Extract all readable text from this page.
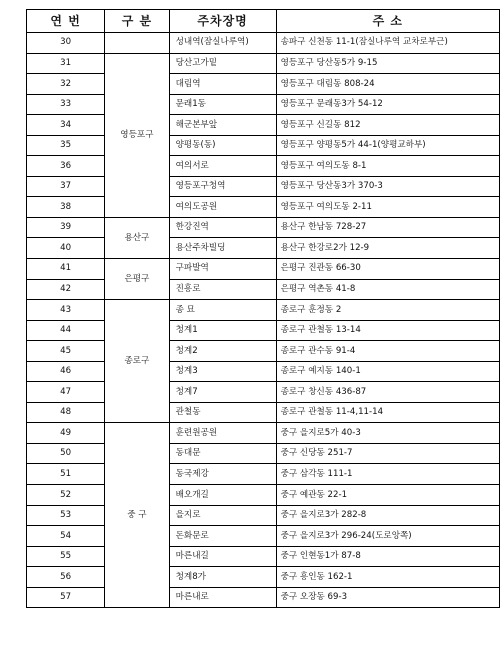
연 번	구 분	주차장명	주 소
30		성내역(잠실나루역)	송파구 신천동 11-1(잠실나루역 교차로부근)
31	영등포구	당산고가밑	영등포구 당산동5가 9-15
32		대림역	영등포구 대림동 808-24
33		문래1동	영등포구 문래동3가 54-12
34		해군본부앞	영등포구 신길동 812
35		양평동(동)	영등포구 양평동5가 44-1(양평교하부)
36		여의서로	영등포구 여의도동 8-1
37		영등포구청역	영등포구 당산동3가 370-3
38		여의도공원	영등포구 여의도동 2-11
39	용산구	한강진역	용산구 한남동 728-27
40		용산주차빌딩	용산구 한강로2가 12-9
41	은평구	구파발역	은평구 진관동 66-30
42		진흥로	은평구 역촌동 41-8
43	종로구	종 묘	종로구 훈정동 2
44		청계1	종로구 관철동 13-14
45		청계2	종로구 관수동 91-4
46		청계3	종로구 예지동 140-1
47		청계7	종로구 창신동 436-87
48		관철동	종로구 관철동 11-4,11-14
49	중 구	훈련원공원	중구 을지로5가 40-3
50		동대문	중구 신당동 251-7
51		동국제강	중구 삼각동 111-1
52		배오개길	중구 예관동 22-1
53		을지로	중구 을지로3가 282-8
54		돈화문로	중구 을지로3가 296-24(도로앙쪽)
55		마른내길	중구 인현동1가 87-8
56		청계8가	중구 흥인동 162-1
57		마른내로	중구 오장동 69-3
